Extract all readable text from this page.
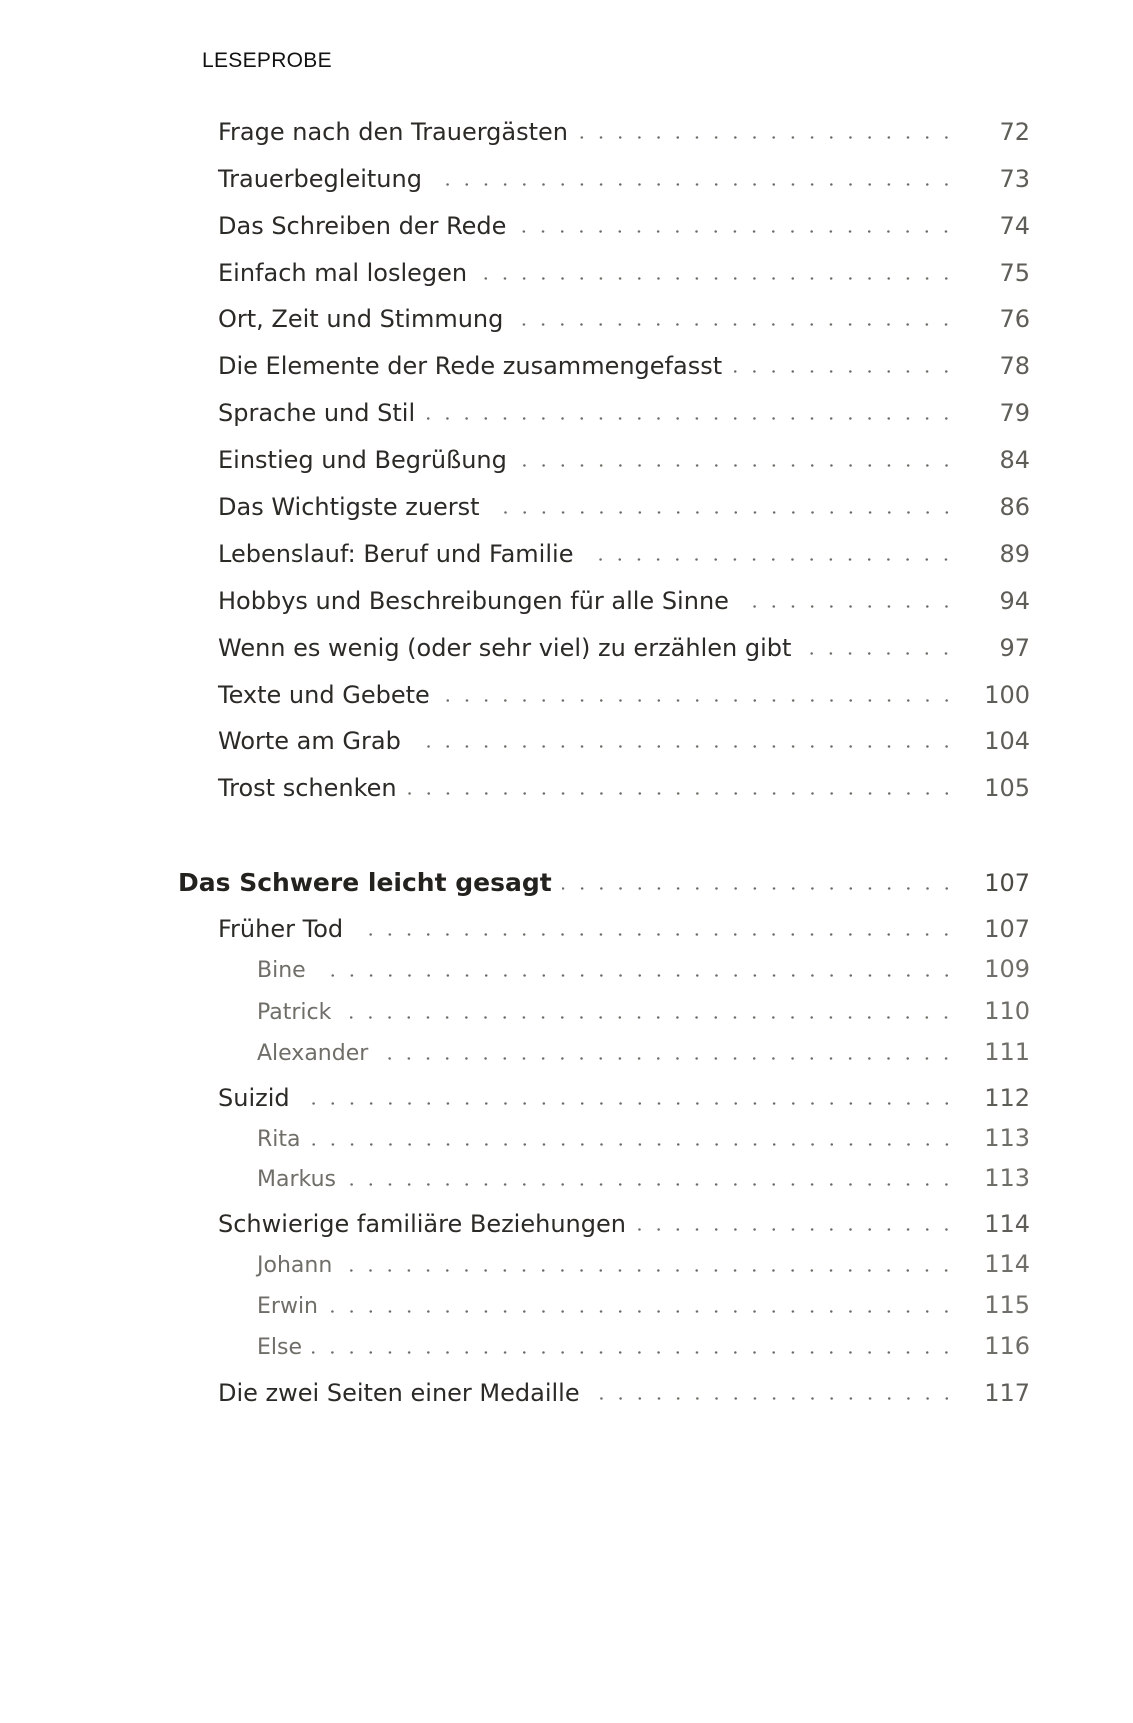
LESEPROBE
Frage nach den Trauergästen	72
Trauerbegleitung	73
Das Schreiben der Rede	74
Einfach mal loslegen	75
Ort, Zeit und Stimmung	76
Die Elemente der Rede zusammengefasst	78
Sprache und Stil	79
Einstieg und Begrüßung	84
Das Wichtigste zuerst	86
Lebenslauf: Beruf und Familie	89
Hobbys und Beschreibungen für alle Sinne	94
Wenn es wenig (oder sehr viel) zu erzählen gibt	97
Texte und Gebete	100
Worte am Grab	104
Trost schenken	105
Das Schwere leicht gesagt	107
Früher Tod	107
Bine	109
Patrick	110
Alexander	111
Suizid	112
Rita	113
Markus	113
Schwierige familiäre Beziehungen	114
Johann	114
Erwin	115
Else	116
Die zwei Seiten einer Medaille	117
